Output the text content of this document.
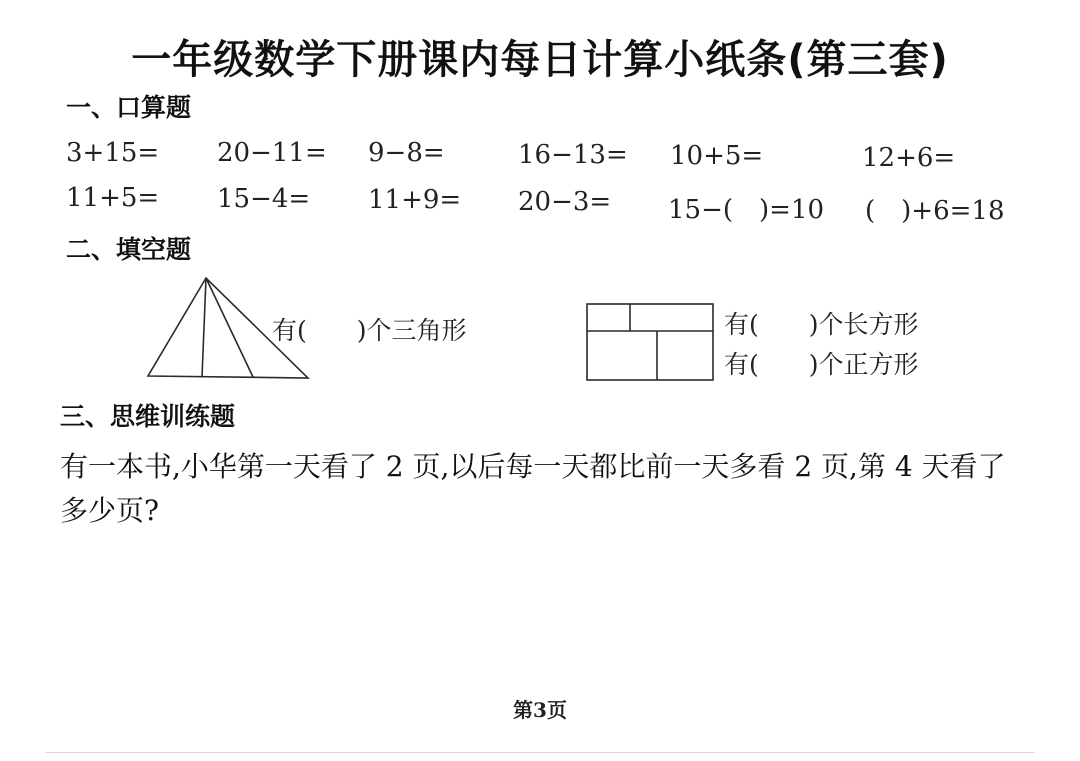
一年级数学下册课内每日计算小纸条(第三套)
一、口算题
3+15= 20−11= 9−8=	16−13= 10+5=	12+6=
11+5= 15−4= 11+9= 20−3= 15−(　)=10 (　)+6=18
二、填空题
有(　　)个三角形	有(　　)个长方形
有(　　)个正方形
三、思维训练题
有一本书,小华第一天看了 2 页,以后每一天都比前一天多看 2 页,第 4 天看了多少页?
第3页
